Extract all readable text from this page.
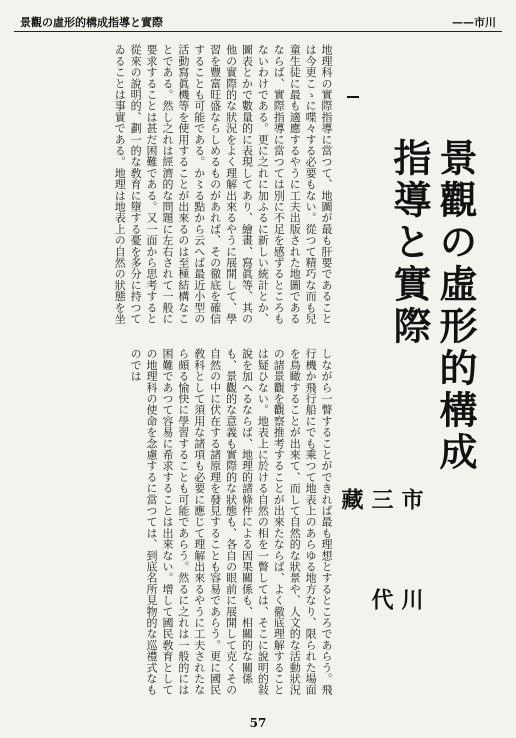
景觀の虛形的構成指導と實際	——市川
地理科の實際指導に當つて、地圖が最も肝要であることは今更こゝに喋々する必要もない。從つて精巧な而も兒童生徒に最も適應するやうに工夫出版された地圖であるならば、實際指導に當つては別に不足を感ずるところもないわけである。更に之れに加ふるに新しい統計とか、圖表とかで數量的に表現してあり、繪畫、寫眞等、其の他の實際的な狀況をよく理解出來るやうに展開して、學習を豐富旺盛ならしめるものがあれば、その徹底を確信することも可能である。か〻る點から云へば最近小型の活動寫眞機等を使用することが出來るのは至極結構なことである。然し之れは經濟的な問題に左右されて一般に要求することは甚だ困難である。又一面から思考すると從來の說明的、劃一的な敎育に墮する憂を多分に持つてゐることは事實である。地理は地表上の自然の狀態を坐
しながら一瞥することができれば最も理想とするところであらう。飛行機か飛行船にでも乘つて地表上のあらゆる地方なり、限られた場面を鳥瞰することが出來て、而して自然的な狀景や、人文的な活動狀況の諸景觀を觀察推考することが出來たならば、よく徹底理解することは疑ひない。地表上に於ける自然の相を一瞥しては、そこに說明的敍說を加へるならば、地理的諸條件による因果關係も、相關的な關係も、景觀的な意義も實際的な狀態も、各自の眼前に展開して克くその自然の中に伏在する諸原理を發見することも容易であらう。更に國民敎科として須用な諸項も必要に應じて理解出來るやうに工夫されたなら頗る愉快に學習することも可能であらう。然るに之れは一般的には困難であつて容易に希求することは出來ない。增して國民敎育としての地理科の使命を念慮するに當つては、到底名所見物的な巡禮式なものでは	景觀の虛形的構成指導と實際
市 川 三 代 藏
57
